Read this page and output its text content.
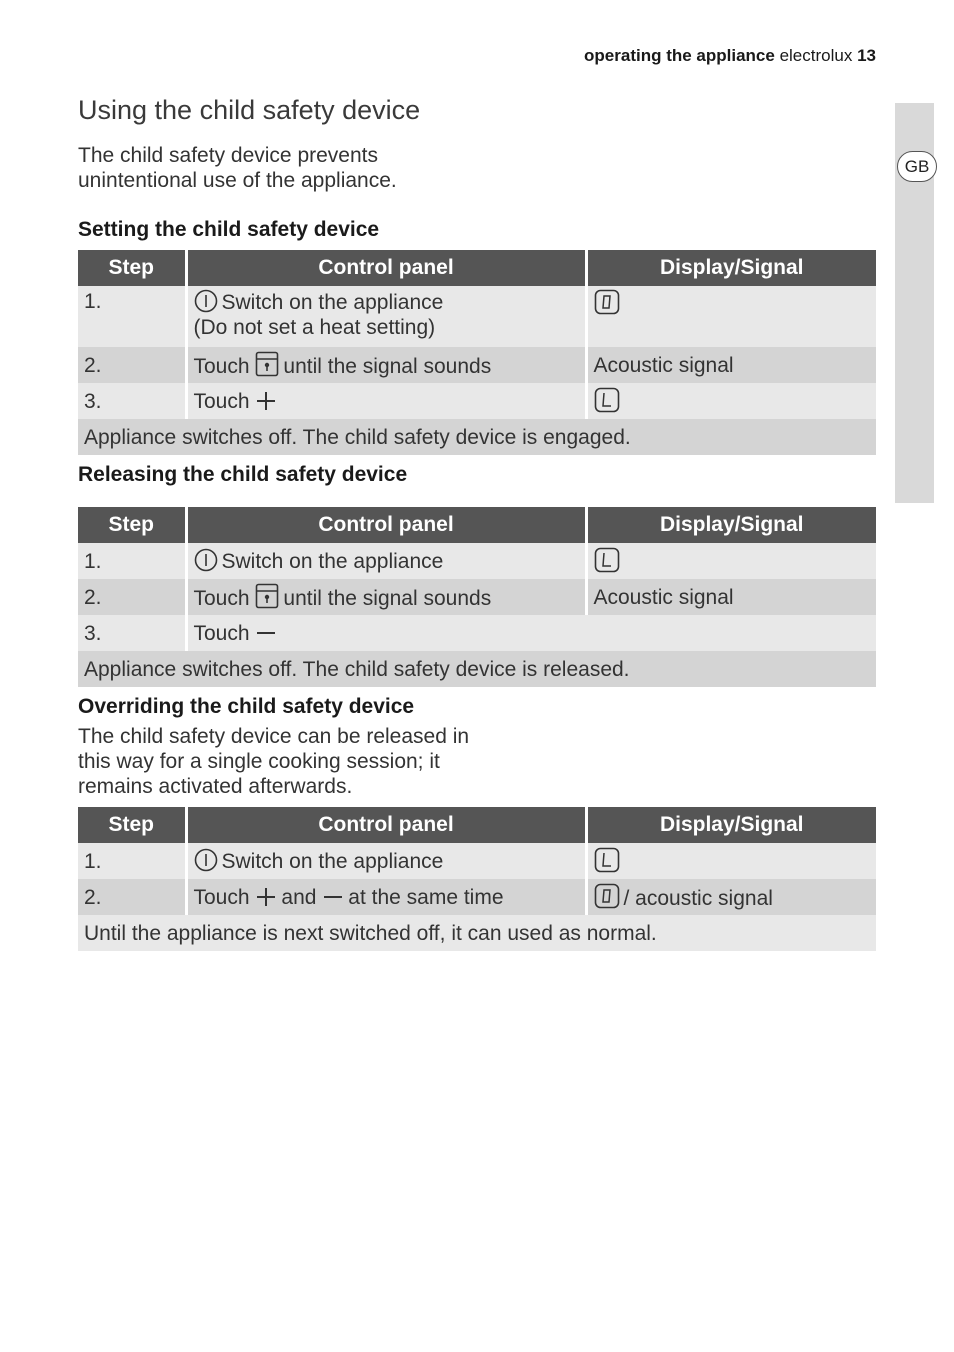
operating the appliance electrolux 13
GB
Using the child safety device

The child safety device prevents unintentional use of the appliance.

Setting the child safety device
Step	Control panel	Display/Signal
1.	Switch on the appliance
(Do not set a heat setting)	

2.	Touch until the signal sounds	Acoustic signal
3.	Touch

Appliance switches off. The child safety device is engaged.		
Releasing the child safety device
Step	Control panel	Display/Signal
1.	Switch on the appliance	

2.	Touch until the signal sounds	Acoustic signal
3.	Touch	

Appliance switches off. The child safety device is released.		
Overriding the child safety device

The child safety device can be released in this way for a single cooking session; it remains activated afterwards.

Step	Control panel	Display/Signal
1.	Switch on the appliance	

2.	Touch and at the same time	/ acoustic signal
Until the appliance is next switched off, it can used as normal.		
